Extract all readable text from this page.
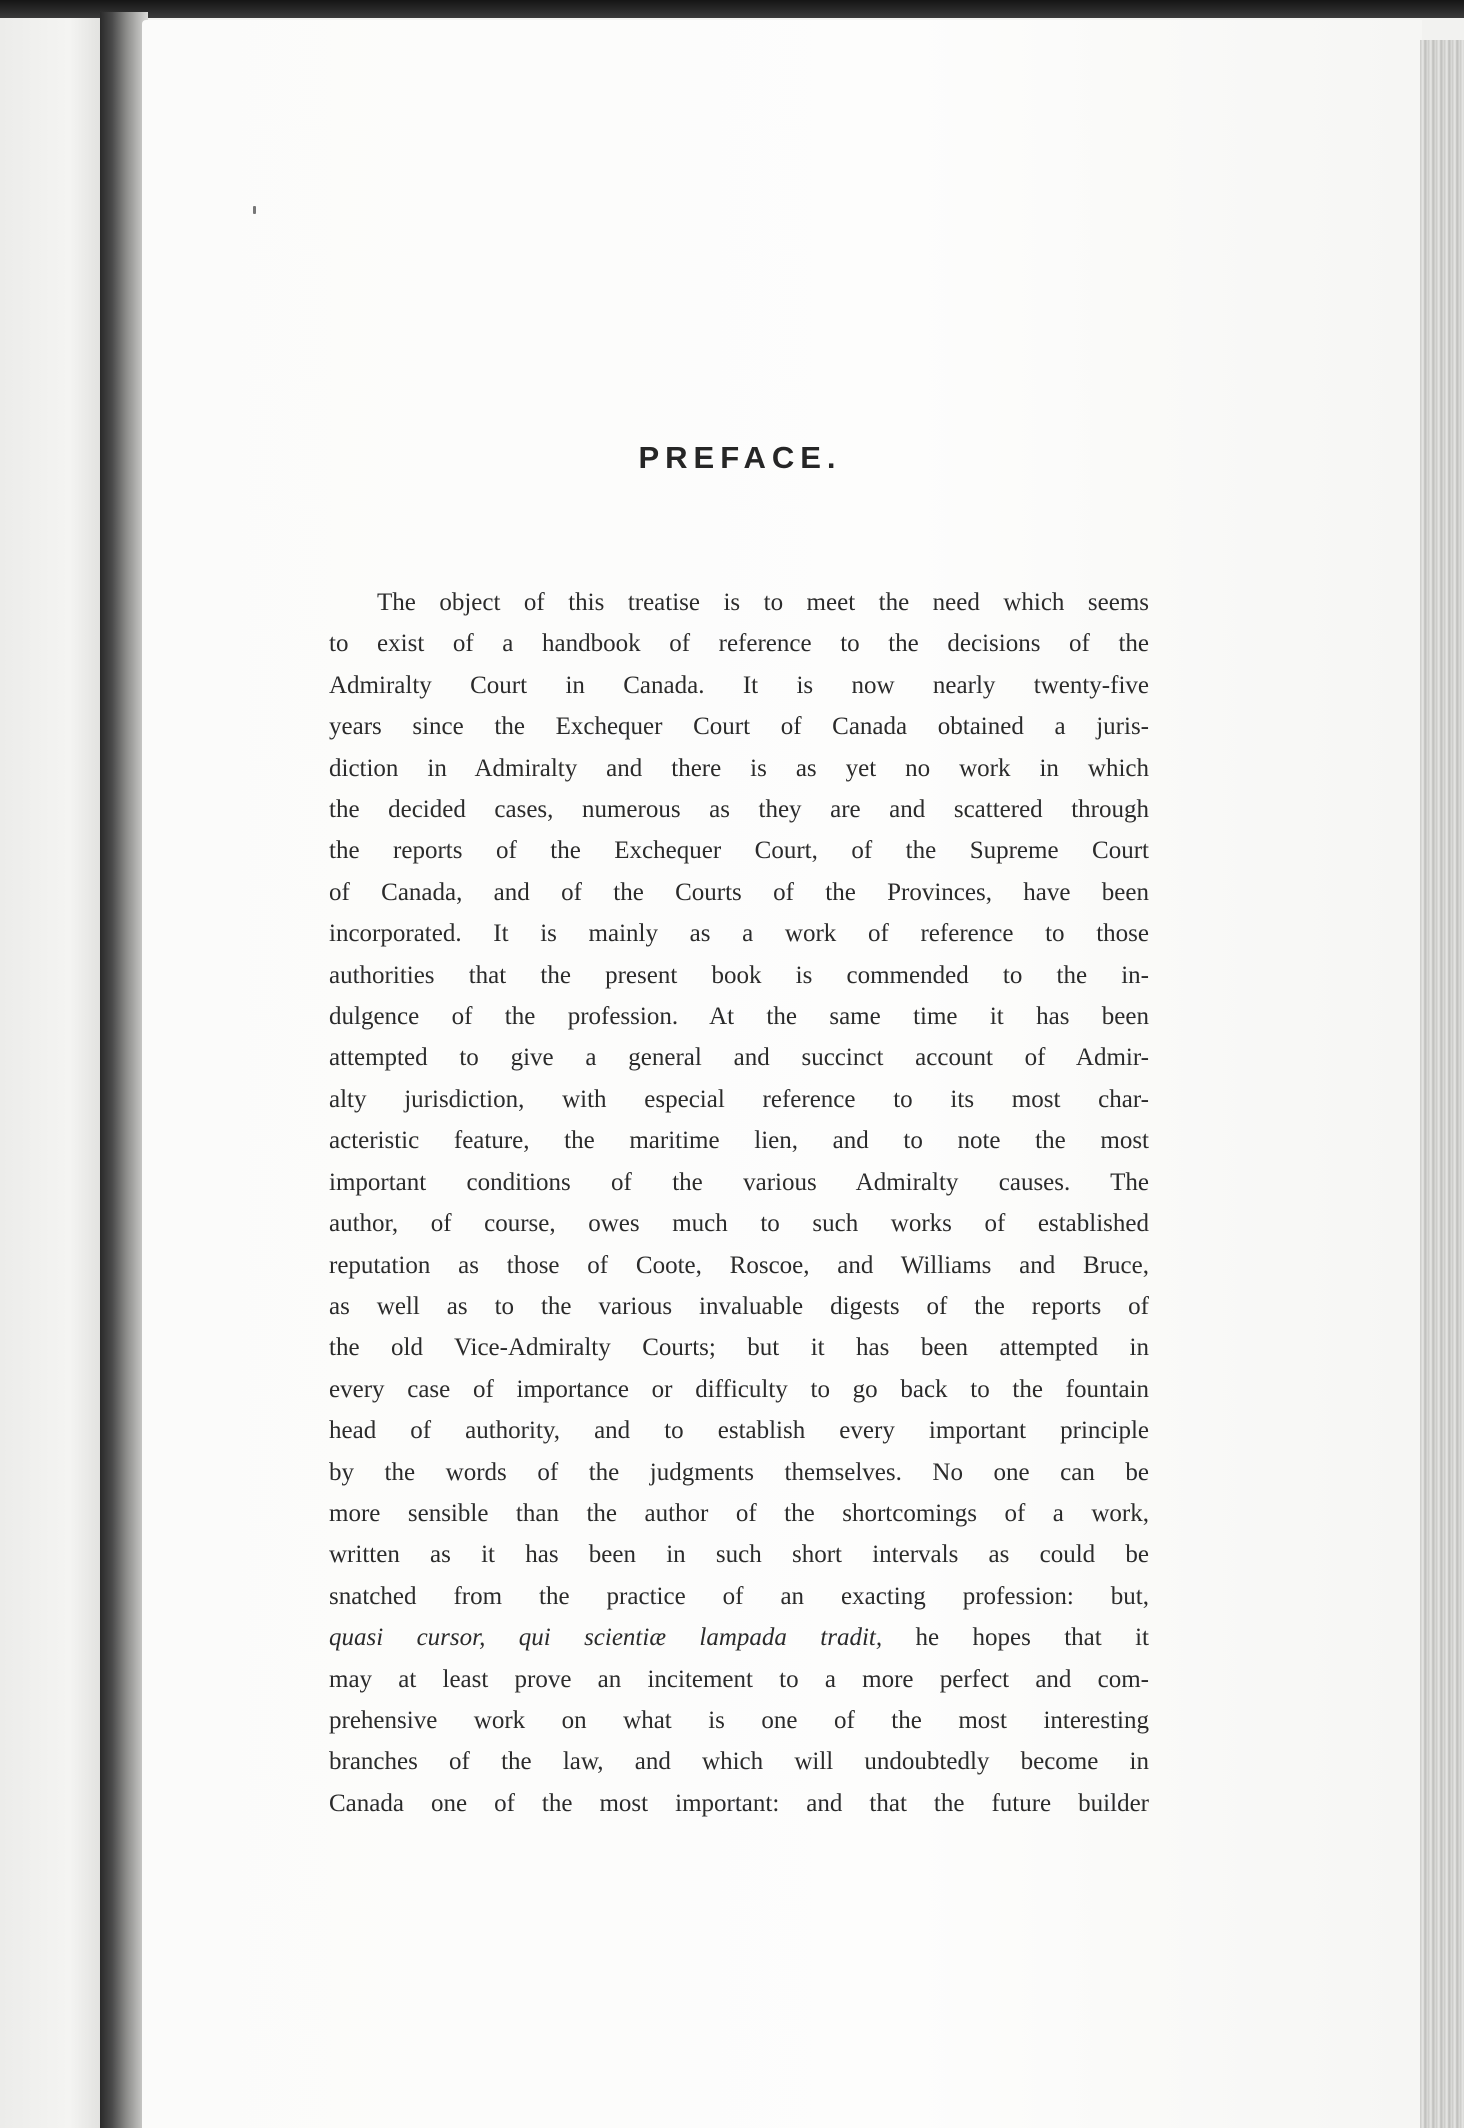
PREFACE.
The object of this treatise is to meet the need which seems
to exist of a handbook of reference to the decisions of the
Admiralty Court in Canada. It is now nearly twenty-five
years since the Exchequer Court of Canada obtained a juris-
diction in Admiralty and there is as yet no work in which
the decided cases, numerous as they are and scattered through
the reports of the Exchequer Court, of the Supreme Court
of Canada, and of the Courts of the Provinces, have been
incorporated. It is mainly as a work of reference to those
authorities that the present book is commended to the in-
dulgence of the profession. At the same time it has been
attempted to give a general and succinct account of Admir-
alty jurisdiction, with especial reference to its most char-
acteristic feature, the maritime lien, and to note the most
important conditions of the various Admiralty causes. The
author, of course, owes much to such works of established
reputation as those of Coote, Roscoe, and Williams and Bruce,
as well as to the various invaluable digests of the reports of
the old Vice-Admiralty Courts; but it has been attempted in
every case of importance or difficulty to go back to the fountain
head of authority, and to establish every important principle
by the words of the judgments themselves. No one can be
more sensible than the author of the shortcomings of a work,
written as it has been in such short intervals as could be
snatched from the practice of an exacting profession: but,
quasi cursor, qui scientiæ lampada tradit, he hopes that it
may at least prove an incitement to a more perfect and com-
prehensive work on what is one of the most interesting
branches of the law, and which will undoubtedly become in
Canada one of the most important: and that the future builder
